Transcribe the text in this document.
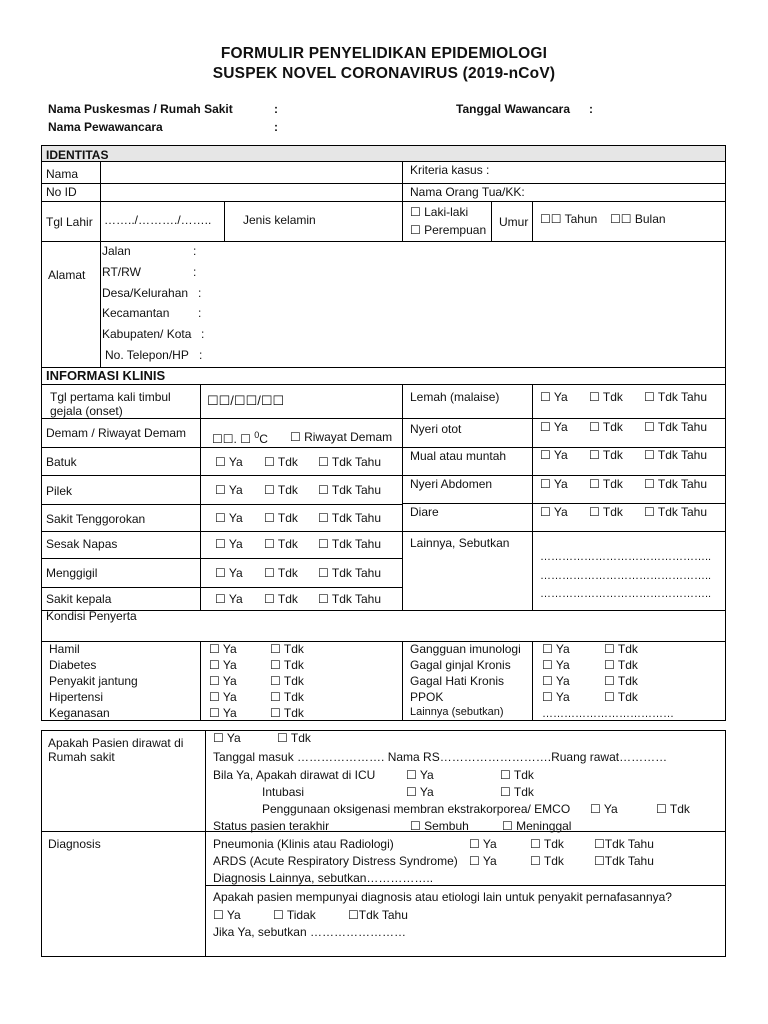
FORMULIR PENYELIDIKAN EPIDEMIOLOGI
SUSPEK NOVEL CORONAVIRUS (2019-nCoV)
Nama Puskesmas / Rumah Sakit	:
Nama Pewawancara	:
Tanggal Wawancara :
IDENTITAS
Nama
No ID
Kriteria kasus :
Nama Orang Tua/KK:
Tgl Lahir ……../………./……..	Jenis kelamin
☐ Laki-laki
☐ Perempuan
Umur ☐☐ Tahun ☐☐ Bulan
Alamat
Jalan	:
RT/RW	:
Desa/Kelurahan :
Kecamantan :
Kabupaten/ Kota :
No. Telepon/HP :
INFORMASI KLINIS
Tgl pertama kali timbul
gejala (onset)
☐☐/☐☐/☐☐
Demam / Riwayat Demam ☐☐. ☐ $^0$C ☐ Riwayat Demam
Batuk	☐ Ya ☐ Tdk ☐ Tdk Tahu
Pilek	☐ Ya ☐ Tdk ☐ Tdk Tahu
Sakit Tenggorokan	☐ Ya ☐ Tdk ☐ Tdk Tahu
Sesak Napas	☐ Ya ☐ Tdk ☐ Tdk Tahu
Menggigil	☐ Ya ☐ Tdk ☐ Tdk Tahu
Sakit kepala	☐ Ya ☐ Tdk ☐ Tdk Tahu
Lemah (malaise)	☐ Ya ☐ Tdk ☐ Tdk Tahu
Nyeri otot	☐ Ya ☐ Tdk ☐ Tdk Tahu
Mual atau muntah	☐ Ya ☐ Tdk ☐ Tdk Tahu
Nyeri Abdomen	☐ Ya ☐ Tdk ☐ Tdk Tahu
Diare	☐ Ya ☐ Tdk ☐ Tdk Tahu
Lainnya, Sebutkan
………………………………………..
………………………………………..
………………………………………..
Kondisi Penyerta
Hamil	☐ Ya	☐ Tdk
Diabetes	☐ Ya	☐ Tdk
Penyakit jantung	☐ Ya	☐ Tdk
Hipertensi	☐ Ya	☐ Tdk
Keganasan	☐ Ya	☐ Tdk
Gangguan imunologi ☐ Ya	☐ Tdk
Gagal ginjal Kronis	☐ Ya	☐ Tdk
Gagal Hati Kronis	☐ Ya	☐ Tdk
PPOK	☐ Ya	☐ Tdk
Lainnya (sebutkan)	………………………………
Apakah Pasien dirawat di
Rumah sakit
☐ Ya	☐ Tdk
Tanggal masuk …………………. Nama RS……………………….Ruang rawat…………
Bila Ya, Apakah dirawat di ICU	☐ Ya	☐ Tdk
Intubasi	☐ Ya	☐ Tdk
Penggunaan oksigenasi membran ekstrakorporea/ EMCO ☐ Ya	☐ Tdk
Status pasien terakhir	☐ Sembuh	☐ Meninggal
Diagnosis	Pneumonia (Klinis atau Radiologi)	☐ Ya	☐ Tdk	☐Tdk Tahu
ARDS (Acute Respiratory Distress Syndrome) ☐ Ya	☐ Tdk	☐Tdk Tahu
Diagnosis Lainnya, sebutkan……………..
Apakah pasien mempunyai diagnosis atau etiologi lain untuk penyakit pernafasannya?
☐ Ya	☐ Tidak	☐Tdk Tahu
Jika Ya, sebutkan ……………………
